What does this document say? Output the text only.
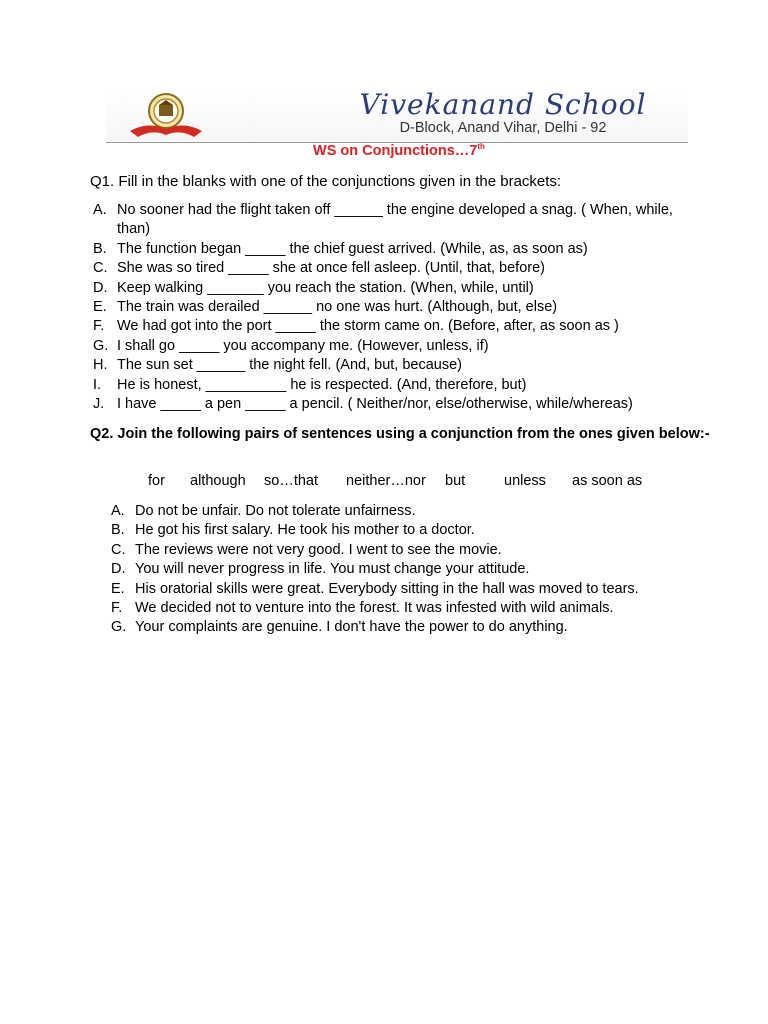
Vivekanand School
D-Block, Anand Vihar, Delhi - 92
WS on Conjunctions…7th
Q1. Fill in the blanks with one of the conjunctions given in the brackets:
A. No sooner had the flight taken off ______ the engine developed a snag. ( When, while, than)
B. The function began _____ the chief guest arrived. (While, as, as soon as)
C. She was so tired _____ she at once fell asleep. (Until, that, before)
D. Keep walking _______ you reach the station. (When, while, until)
E. The train was derailed ______ no one was hurt. (Although, but, else)
F. We had got into the port _____ the storm came on. (Before, after, as soon as )
G. I shall go _____ you accompany me. (However, unless, if)
H. The sun set ______ the night fell. (And, but, because)
I. He is honest, __________ he is respected. (And, therefore, but)
J. I have _____ a pen _____ a pencil. ( Neither/nor, else/otherwise, while/whereas)
Q2. Join the following pairs of sentences using a conjunction from the ones given below:-
for although so…that neither…nor but	unless as soon as
A. Do not be unfair. Do not tolerate unfairness.
B. He got his first salary. He took his mother to a doctor.
C. The reviews were not very good. I went to see the movie.
D. You will never progress in life. You must change your attitude.
E. His oratorial skills were great. Everybody sitting in the hall was moved to tears.
F. We decided not to venture into the forest. It was infested with wild animals.
G. Your complaints are genuine. I don't have the power to do anything.
